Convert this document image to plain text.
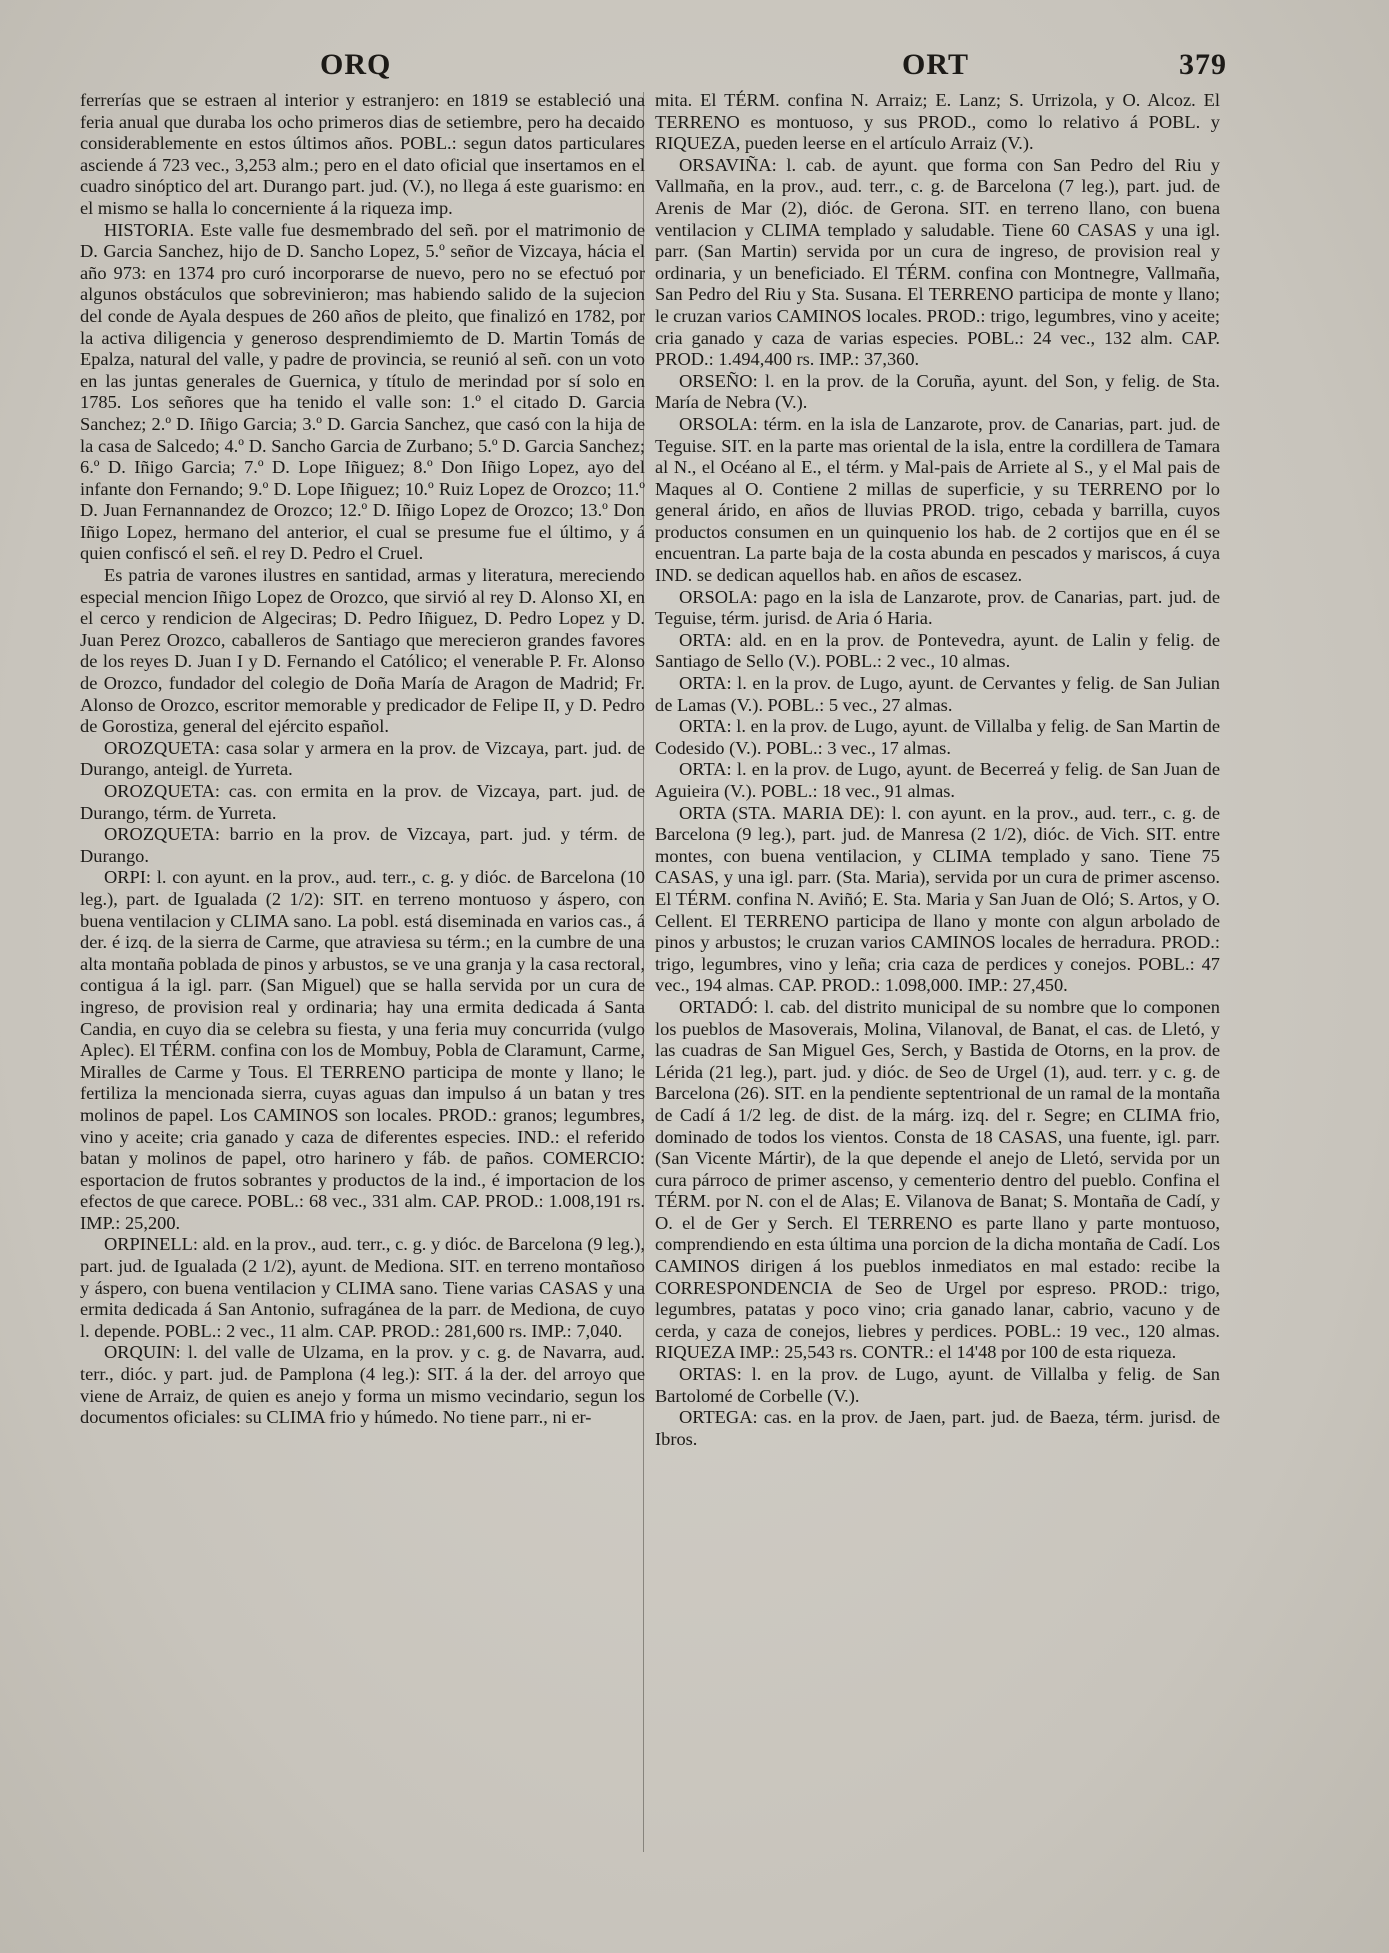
ORQ	ORT	379

ferrerías que se estraen al interior y estranjero: en 1819 se estableció una feria anual que duraba los ocho primeros dias de setiembre, pero ha decaido considerablemente en estos últimos años. POBL.: segun datos particulares asciende á 723 vec., 3,253 alm.; pero en el dato oficial que insertamos en el cuadro sinóptico del art. Durango part. jud. (V.), no llega á este guarismo: en el mismo se halla lo concerniente á la riqueza imp.

HISTORIA. Este valle fue desmembrado del señ. por el matrimonio de D. Garcia Sanchez, hijo de D. Sancho Lopez, 5.º señor de Vizcaya, hácia el año 973: en 1374 pro curó incorporarse de nuevo, pero no se efectuó por algunos obstáculos que sobrevinieron; mas habiendo salido de la sujecion del conde de Ayala despues de 260 años de pleito, que finalizó en 1782, por la activa diligencia y generoso desprendimiemto de D. Martin Tomás de Epalza, natural del valle, y padre de provincia, se reunió al señ. con un voto en las juntas generales de Guernica, y título de merindad por sí solo en 1785. Los señores que ha tenido el valle son: 1.º el citado D. Garcia Sanchez; 2.º D. Iñigo Garcia; 3.º D. Garcia Sanchez, que casó con la hija de la casa de Salcedo; 4.º D. Sancho Garcia de Zurbano; 5.º D. Garcia Sanchez; 6.º D. Iñigo Garcia; 7.º D. Lope Iñiguez; 8.º Don Iñigo Lopez, ayo del infante don Fernando; 9.º D. Lope Iñiguez; 10.º Ruiz Lopez de Orozco; 11.º D. Juan Fernannandez de Orozco; 12.º D. Iñigo Lopez de Orozco; 13.º Don Iñigo Lopez, hermano del anterior, el cual se presume fue el último, y á quien confiscó el señ. el rey D. Pedro el Cruel.

Es patria de varones ilustres en santidad, armas y literatura, mereciendo especial mencion Iñigo Lopez de Orozco, que sirvió al rey D. Alonso XI, en el cerco y rendicion de Algeciras; D. Pedro Iñiguez, D. Pedro Lopez y D. Juan Perez Orozco, caballeros de Santiago que merecieron grandes favores de los reyes D. Juan I y D. Fernando el Católico; el venerable P. Fr. Alonso de Orozco, fundador del colegio de Doña María de Aragon de Madrid; Fr. Alonso de Orozco, escritor memorable y predicador de Felipe II, y D. Pedro de Gorostiza, general del ejército español.

OROZQUETA: casa solar y armera en la prov. de Vizcaya, part. jud. de Durango, anteigl. de Yurreta.

OROZQUETA: cas. con ermita en la prov. de Vizcaya, part. jud. de Durango, térm. de Yurreta.

OROZQUETA: barrio en la prov. de Vizcaya, part. jud. y térm. de Durango.

ORPI: l. con ayunt. en la prov., aud. terr., c. g. y dióc. de Barcelona (10 leg.), part. de Igualada (2 1/2): SIT. en terreno montuoso y áspero, con buena ventilacion y CLIMA sano. La pobl. está diseminada en varios cas., á der. é izq. de la sierra de Carme, que atraviesa su térm.; en la cumbre de una alta montaña poblada de pinos y arbustos, se ve una granja y la casa rectoral, contigua á la igl. parr. (San Miguel) que se halla servida por un cura de ingreso, de provision real y ordinaria; hay una ermita dedicada á Santa Candia, en cuyo dia se celebra su fiesta, y una feria muy concurrida (vulgo Aplec). El TÉRM. confina con los de Mombuy, Pobla de Claramunt, Carme, Miralles de Carme y Tous. El TERRENO participa de monte y llano; le fertiliza la mencionada sierra, cuyas aguas dan impulso á un batan y tres molinos de papel. Los CAMINOS son locales. PROD.: granos; legumbres, vino y aceite; cria ganado y caza de diferentes especies. IND.: el referido batan y molinos de papel, otro harinero y fáb. de paños. COMERCIO: esportacion de frutos sobrantes y productos de la ind., é importacion de los efectos de que carece. POBL.: 68 vec., 331 alm. CAP. PROD.: 1.008,191 rs. IMP.: 25,200.

ORPINELL: ald. en la prov., aud. terr., c. g. y dióc. de Barcelona (9 leg.), part. jud. de Igualada (2 1/2), ayunt. de Mediona. SIT. en terreno montañoso y áspero, con buena ventilacion y CLIMA sano. Tiene varias CASAS y una ermita dedicada á San Antonio, sufragánea de la parr. de Mediona, de cuyo l. depende. POBL.: 2 vec., 11 alm. CAP. PROD.: 281,600 rs. IMP.: 7,040.

ORQUIN: l. del valle de Ulzama, en la prov. y c. g. de Navarra, aud. terr., dióc. y part. jud. de Pamplona (4 leg.): SIT. á la der. del arroyo que viene de Arraiz, de quien es anejo y forma un mismo vecindario, segun los documentos oficiales: su CLIMA frio y húmedo. No tiene parr., ni er-

mita. El TÉRM. confina N. Arraiz; E. Lanz; S. Urrizola, y O. Alcoz. El TERRENO es montuoso, y sus PROD., como lo relativo á POBL. y RIQUEZA, pueden leerse en el artículo Arraiz (V.).

ORSAVIÑA: l. cab. de ayunt. que forma con San Pedro del Riu y Vallmaña, en la prov., aud. terr., c. g. de Barcelona (7 leg.), part. jud. de Arenis de Mar (2), dióc. de Gerona. SIT. en terreno llano, con buena ventilacion y CLIMA templado y saludable. Tiene 60 CASAS y una igl. parr. (San Martin) servida por un cura de ingreso, de provision real y ordinaria, y un beneficiado. El TÉRM. confina con Montnegre, Vallmaña, San Pedro del Riu y Sta. Susana. El TERRENO participa de monte y llano; le cruzan varios CAMINOS locales. PROD.: trigo, legumbres, vino y aceite; cria ganado y caza de varias especies. POBL.: 24 vec., 132 alm. CAP. PROD.: 1.494,400 rs. IMP.: 37,360.

ORSEÑO: l. en la prov. de la Coruña, ayunt. del Son, y felig. de Sta. María de Nebra (V.).

ORSOLA: térm. en la isla de Lanzarote, prov. de Canarias, part. jud. de Teguise. SIT. en la parte mas oriental de la isla, entre la cordillera de Tamara al N., el Océano al E., el térm. y Mal-pais de Arriete al S., y el Mal pais de Maques al O. Contiene 2 millas de superficie, y su TERRENO por lo general árido, en años de lluvias PROD. trigo, cebada y barrilla, cuyos productos consumen en un quinquenio los hab. de 2 cortijos que en él se encuentran. La parte baja de la costa abunda en pescados y mariscos, á cuya IND. se dedican aquellos hab. en años de escasez.

ORSOLA: pago en la isla de Lanzarote, prov. de Canarias, part. jud. de Teguise, térm. jurisd. de Aria ó Haria.

ORTA: ald. en en la prov. de Pontevedra, ayunt. de Lalin y felig. de Santiago de Sello (V.). POBL.: 2 vec., 10 almas.

ORTA: l. en la prov. de Lugo, ayunt. de Cervantes y felig. de San Julian de Lamas (V.). POBL.: 5 vec., 27 almas.

ORTA: l. en la prov. de Lugo, ayunt. de Villalba y felig. de San Martin de Codesido (V.). POBL.: 3 vec., 17 almas.

ORTA: l. en la prov. de Lugo, ayunt. de Becerreá y felig. de San Juan de Aguieira (V.). POBL.: 18 vec., 91 almas.

ORTA (STA. MARIA DE): l. con ayunt. en la prov., aud. terr., c. g. de Barcelona (9 leg.), part. jud. de Manresa (2 1/2), dióc. de Vich. SIT. entre montes, con buena ventilacion, y CLIMA templado y sano. Tiene 75 CASAS, y una igl. parr. (Sta. Maria), servida por un cura de primer ascenso. El TÉRM. confina N. Aviñó; E. Sta. Maria y San Juan de Oló; S. Artos, y O. Cellent. El TERRENO participa de llano y monte con algun arbolado de pinos y arbustos; le cruzan varios CAMINOS locales de herradura. PROD.: trigo, legumbres, vino y leña; cria caza de perdices y conejos. POBL.: 47 vec., 194 almas. CAP. PROD.: 1.098,000. IMP.: 27,450.

ORTADÓ: l. cab. del distrito municipal de su nombre que lo componen los pueblos de Masoverais, Molina, Vilanoval, de Banat, el cas. de Lletó, y las cuadras de San Miguel Ges, Serch, y Bastida de Otorns, en la prov. de Lérida (21 leg.), part. jud. y dióc. de Seo de Urgel (1), aud. terr. y c. g. de Barcelona (26). SIT. en la pendiente septentrional de un ramal de la montaña de Cadí á 1/2 leg. de dist. de la márg. izq. del r. Segre; en CLIMA frio, dominado de todos los vientos. Consta de 18 CASAS, una fuente, igl. parr. (San Vicente Mártir), de la que depende el anejo de Lletó, servida por un cura párroco de primer ascenso, y cementerio dentro del pueblo. Confina el TÉRM. por N. con el de Alas; E. Vilanova de Banat; S. Montaña de Cadí, y O. el de Ger y Serch. El TERRENO es parte llano y parte montuoso, comprendiendo en esta última una porcion de la dicha montaña de Cadí. Los CAMINOS dirigen á los pueblos inmediatos en mal estado: recibe la CORRESPONDENCIA de Seo de Urgel por espreso. PROD.: trigo, legumbres, patatas y poco vino; cria ganado lanar, cabrio, vacuno y de cerda, y caza de conejos, liebres y perdices. POBL.: 19 vec., 120 almas. RIQUEZA IMP.: 25,543 rs. CONTR.: el 14'48 por 100 de esta riqueza.

ORTAS: l. en la prov. de Lugo, ayunt. de Villalba y felig. de San Bartolomé de Corbelle (V.).

ORTEGA: cas. en la prov. de Jaen, part. jud. de Baeza, térm. jurisd. de Ibros.
